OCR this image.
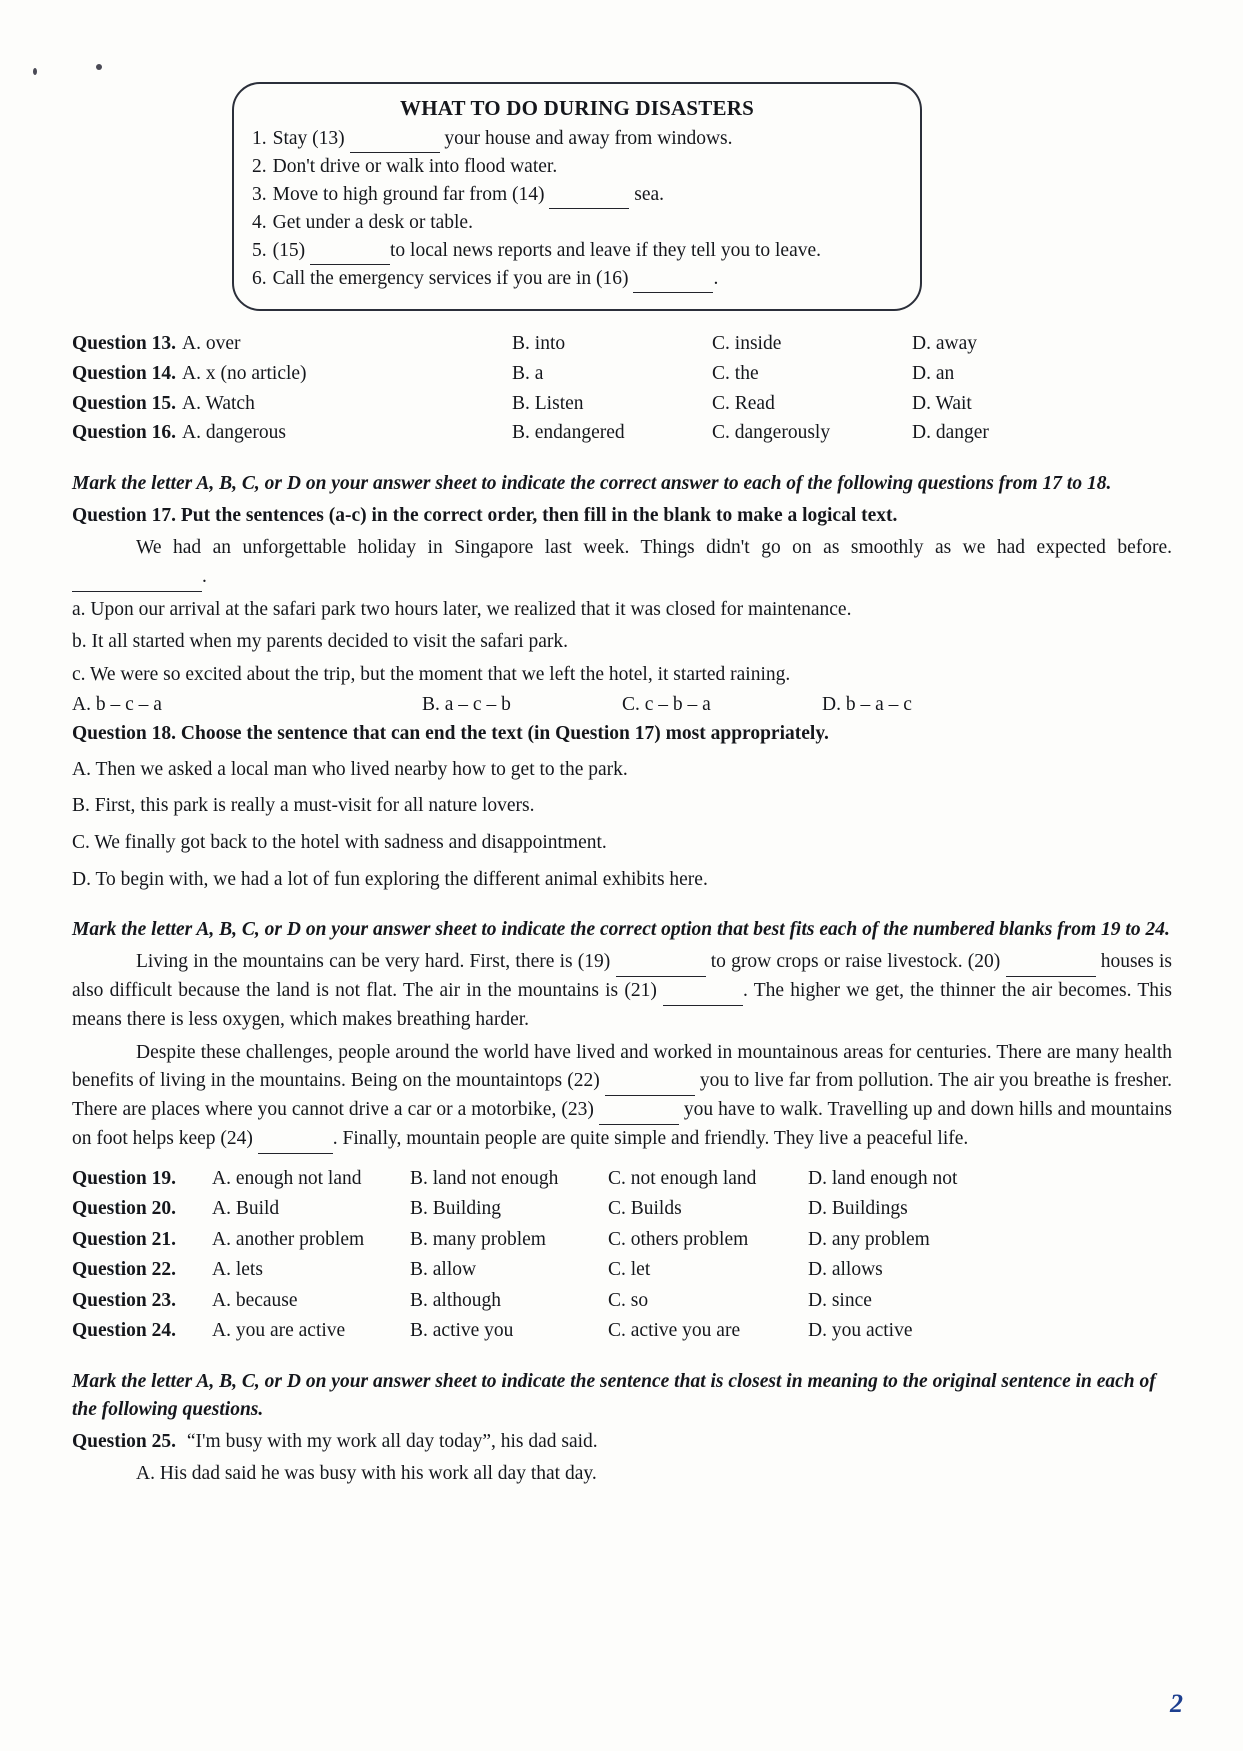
WHAT TO DO DURING DISASTERS
1. Stay (13)	your house and away from windows.
2. Don't drive or walk into flood water.
3. Move to high ground far from (14)	sea.
4. Get under a desk or table.
5. (15)	to local news reports and leave if they tell you to leave.
6. Call the emergency services if you are in (16)	.
Question 13. A. over	B. into	C. inside	D. away
Question 14. A. x (no article)	B. a	C. the	D. an
Question 15. A. Watch	B. Listen	C. Read	D. Wait
Question 16. A. dangerous	B. endangered	C. dangerously	D. danger
Mark the letter A, B, C, or D on your answer sheet to indicate the correct answer to each of the following questions from 17 to 18.
Question 17. Put the sentences (a-c) in the correct order, then fill in the blank to make a logical text.

We had an unforgettable holiday in Singapore last week. Things didn't go on as smoothly as we had expected before. .

a. Upon our arrival at the safari park two hours later, we realized that it was closed for maintenance.
b. It all started when my parents decided to visit the safari park.
c. We were so excited about the trip, but the moment that we left the hotel, it started raining.
A. b – c – a	B. a – c – b	C. c – b – a	D. b – a – c
Question 18. Choose the sentence that can end the text (in Question 17) most appropriately.
A. Then we asked a local man who lived nearby how to get to the park.
B. First, this park is really a must-visit for all nature lovers.
C. We finally got back to the hotel with sadness and disappointment.
D. To begin with, we had a lot of fun exploring the different animal exhibits here.
Mark the letter A, B, C, or D on your answer sheet to indicate the correct option that best fits each of the numbered blanks from 19 to 24.

Living in the mountains can be very hard. First, there is (19)	to grow crops or raise livestock. (20)	houses is also difficult because the land is not flat. The air in the mountains is (21)	. The higher we get, the thinner the air becomes. This means there is less oxygen, which makes breathing harder.

Despite these challenges, people around the world have lived and worked in mountainous areas for centuries. There are many health benefits of living in the mountains. Being on the mountaintops (22)	you to live far from pollution. The air you breathe is fresher. There are places where you cannot drive a car or a motorbike, (23)	you have to walk. Travelling up and down hills and mountains on foot helps keep (24)	. Finally, mountain people are quite simple and friendly. They live a peaceful life.

Question 19.	A. enough not land	B. land not enough	C. not enough land	D. land enough not
Question 20.	A. Build	B. Building	C. Builds	D. Buildings
Question 21.	A. another problem	B. many problem	C. others problem	D. any problem
Question 22.	A. lets	B. allow	C. let	D. allows
Question 23.	A. because	B. although	C. so	D. since
Question 24.	A. you are active	B. active you	C. active you are	D. you active
Mark the letter A, B, C, or D on your answer sheet to indicate the sentence that is closest in meaning to the original sentence in each of the following questions.
Question 25. “I'm busy with my work all day today”, his dad said.
A. His dad said he was busy with his work all day that day.
2
